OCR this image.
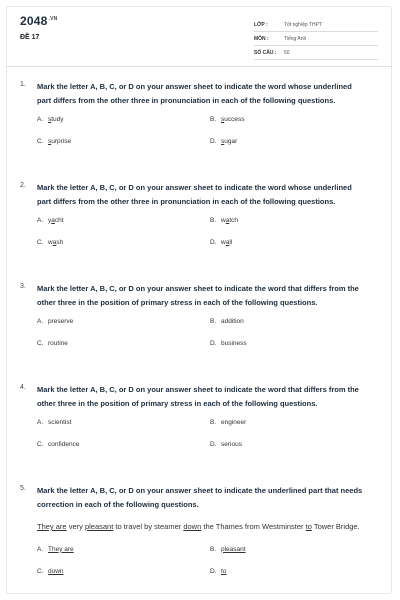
$2048^{.VN}$
ĐỀ 17
LỚP :	Tốt nghiệp THPT
MÔN :	Tiếng Anh
SỐ CÂU :	50
1.	Mark the letter A, B, C, or D on your answer sheet to indicate the word whose underlined part differs from the other three in pronunciation in each of the following questions.
A. study	B. success
C. surprise	D. sugar
2.	Mark the letter A, B, C, or D on your answer sheet to indicate the word whose underlined part differs from the other three in pronunciation in each of the following questions.
A. yacht	B. watch
C. wash	D. wall
3.	Mark the letter A, B, C, or D on your answer sheet to indicate the word that differs from the other three in the position of primary stress in each of the following questions.
A. preserve	B. addition
C. routine	D. business
4.	Mark the letter A, B, C, or D on your answer sheet to indicate the word that differs from the other three in the position of primary stress in each of the following questions.
A. scientist	B. engineer
C. confidence	D. serious
5.	Mark the letter A, B, C, or D on your answer sheet to indicate the underlined part that needs correction in each of the following questions.
They are very pleasant to travel by steamer down the Thames from Westminster to Tower Bridge.
A. They are	B. pleasant
C. down	D. to
